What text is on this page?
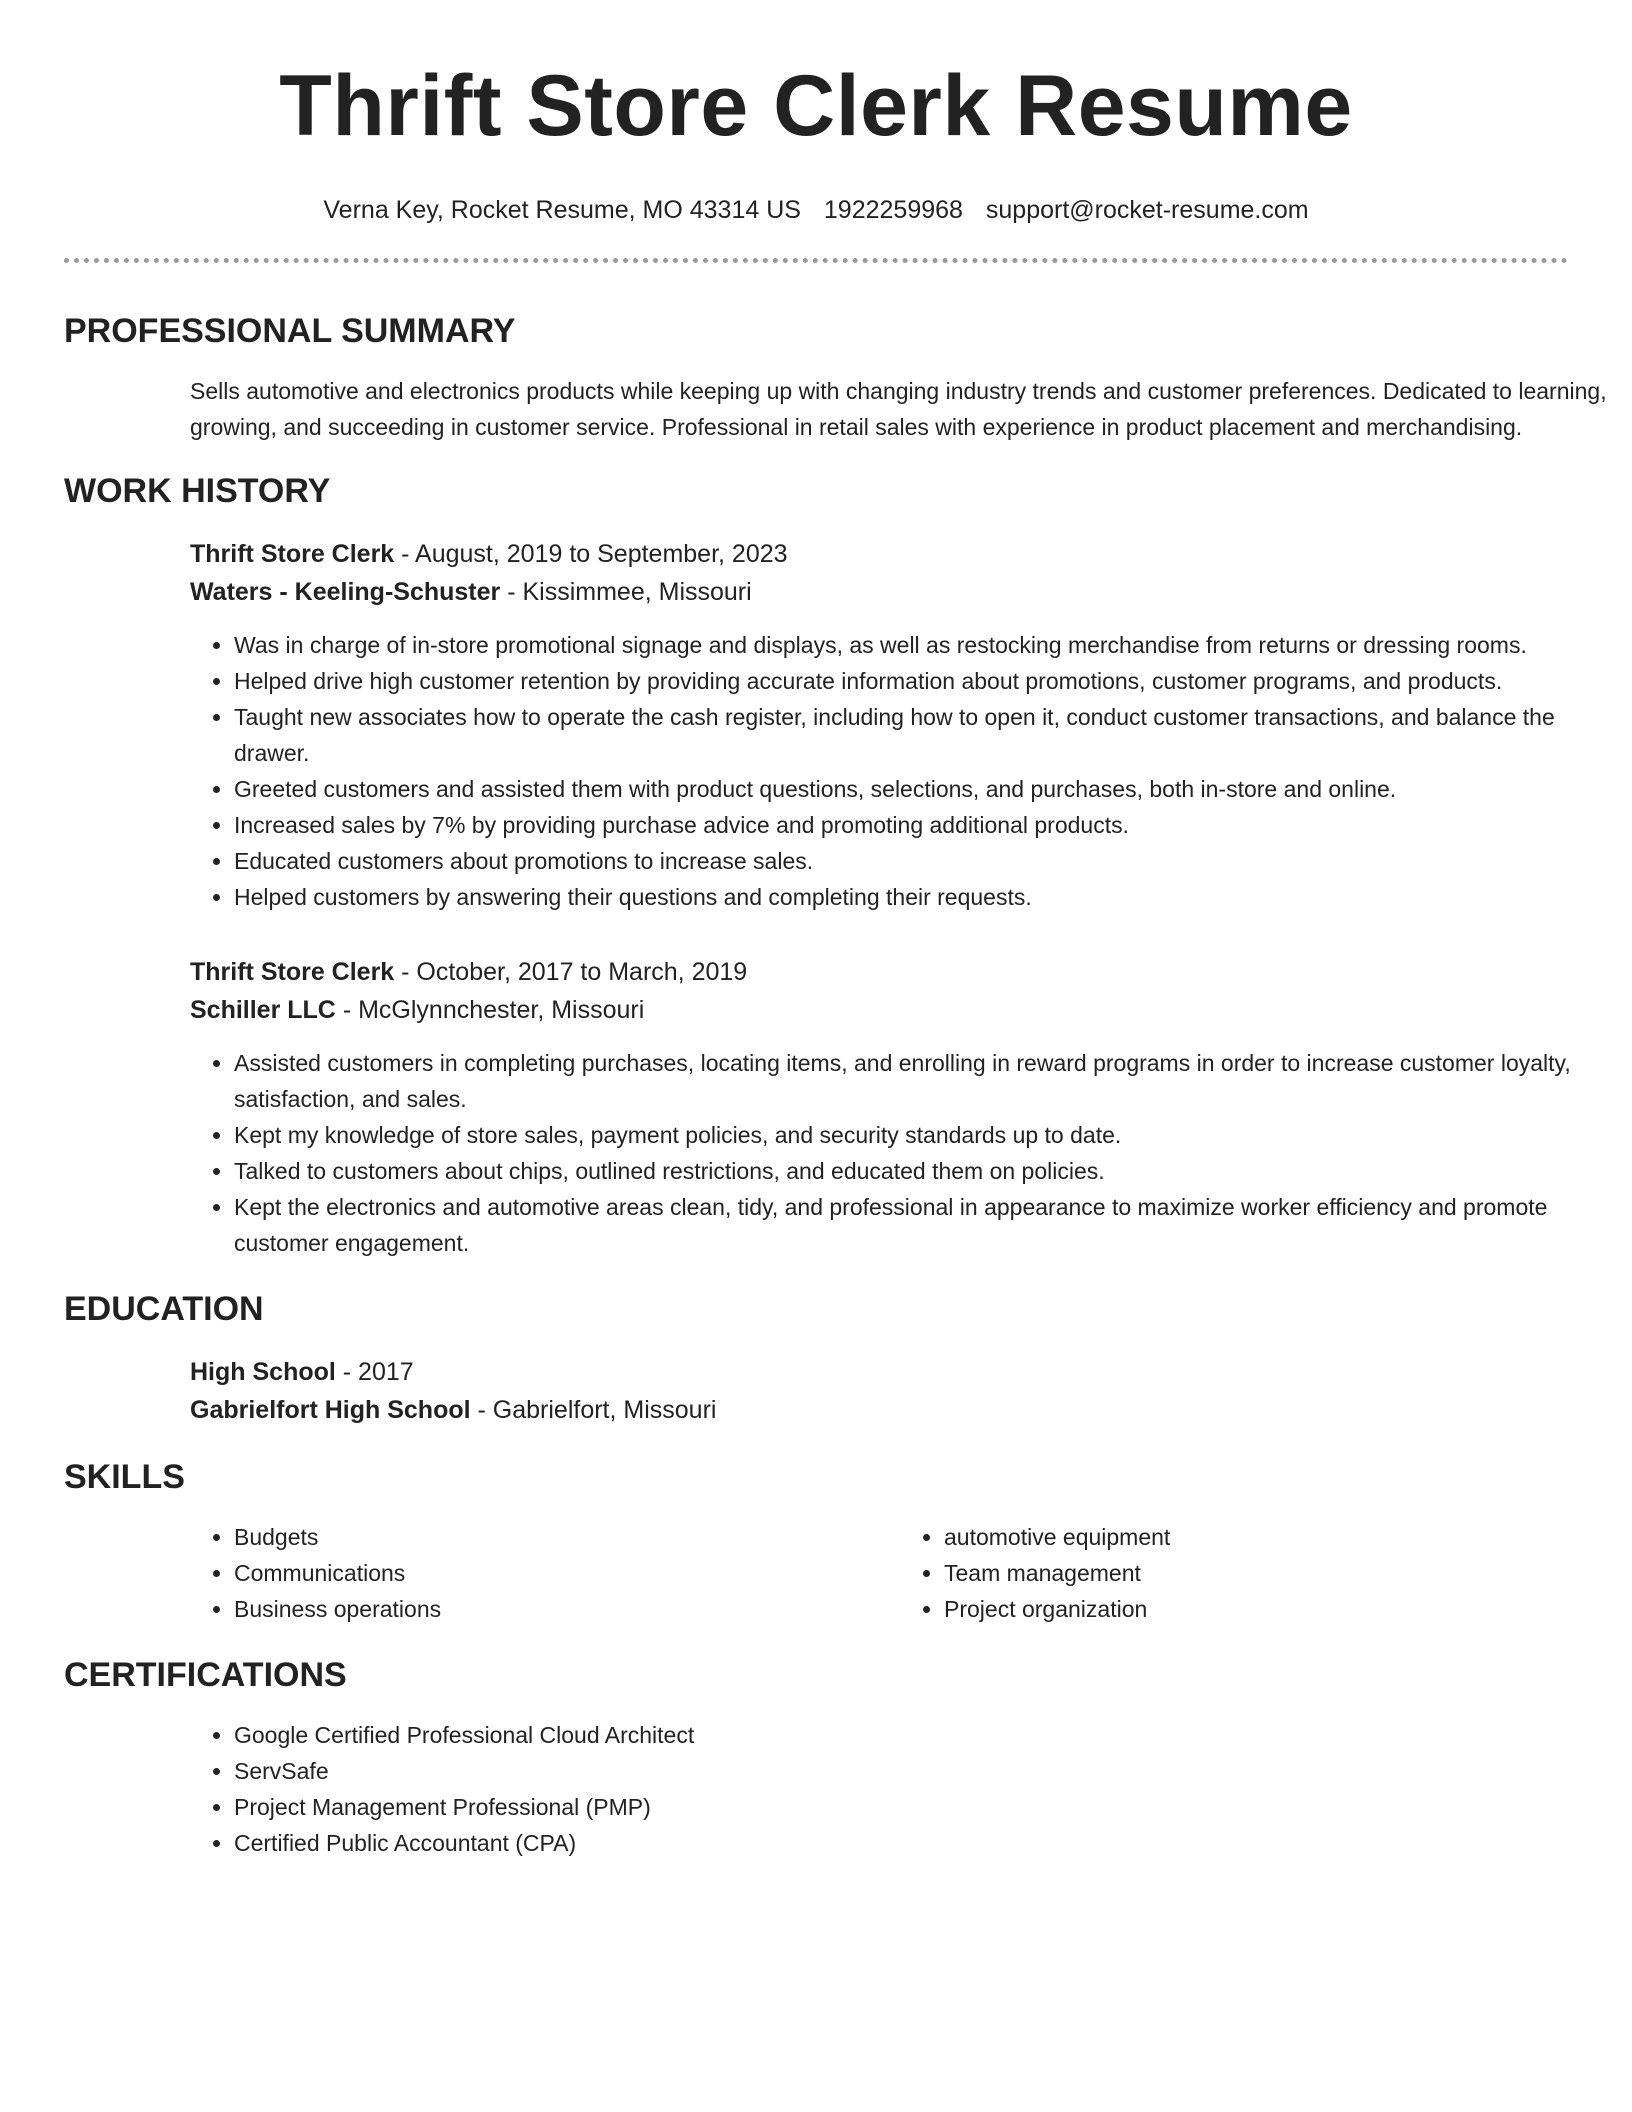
Thrift Store Clerk Resume
Verna Key, Rocket Resume, MO 43314 US 1922259968 support@rocket-resume.com
PROFESSIONAL SUMMARY

Sells automotive and electronics products while keeping up with changing industry trends and customer preferences. Dedicated to learning, growing, and succeeding in customer service. Professional in retail sales with experience in product placement and merchandising.

WORK HISTORY
Thrift Store Clerk - August, 2019 to September, 2023
Waters - Keeling-Schuster - Kissimmee, Missouri
• Was in charge of in-store promotional signage and displays, as well as restocking merchandise from returns or dressing rooms.
• Helped drive high customer retention by providing accurate information about promotions, customer programs, and products.
• Taught new associates how to operate the cash register, including how to open it, conduct customer transactions, and balance the drawer.
• Greeted customers and assisted them with product questions, selections, and purchases, both in-store and online.
• Increased sales by 7% by providing purchase advice and promoting additional products.
• Educated customers about promotions to increase sales.
• Helped customers by answering their questions and completing their requests.
Thrift Store Clerk - October, 2017 to March, 2019
Schiller LLC - McGlynnchester, Missouri
• Assisted customers in completing purchases, locating items, and enrolling in reward programs in order to increase customer loyalty, satisfaction, and sales.
• Kept my knowledge of store sales, payment policies, and security standards up to date.
• Talked to customers about chips, outlined restrictions, and educated them on policies.
• Kept the electronics and automotive areas clean, tidy, and professional in appearance to maximize worker efficiency and promote customer engagement.
EDUCATION
High School - 2017
Gabrielfort High School - Gabrielfort, Missouri
SKILLS
• Budgets
• Communications
• Business operations
• automotive equipment
• Team management
• Project organization
CERTIFICATIONS
• Google Certified Professional Cloud Architect
• ServSafe
• Project Management Professional (PMP)
• Certified Public Accountant (CPA)
